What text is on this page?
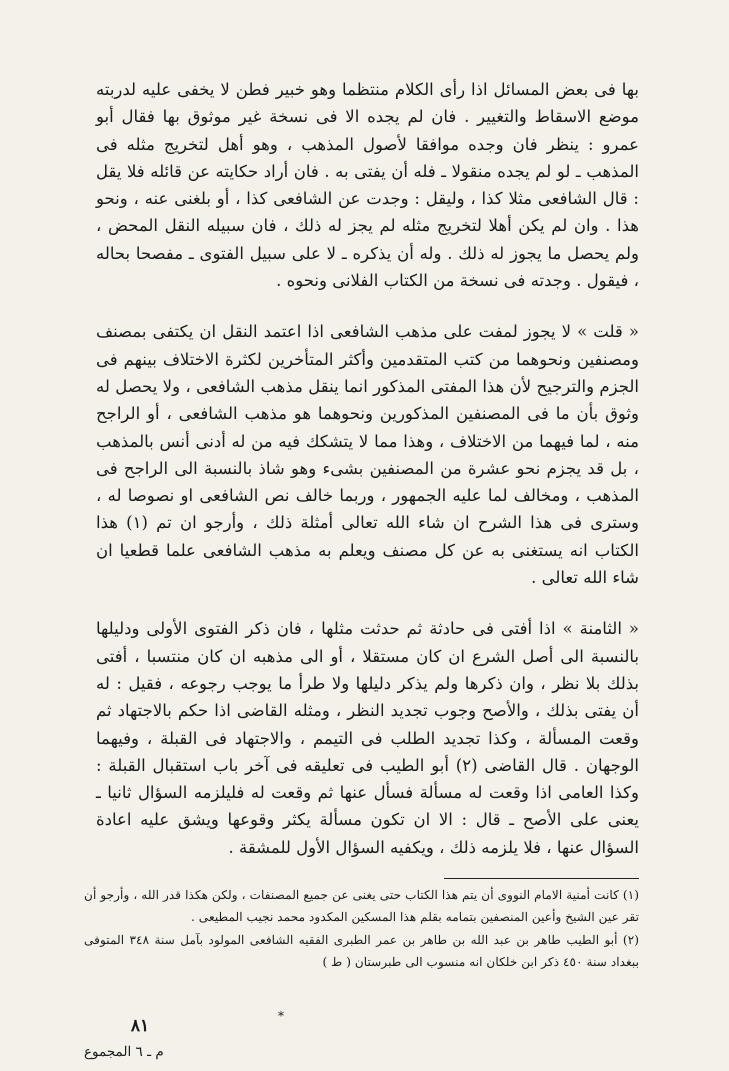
بها فى بعض المسائل اذا رأى الكلام منتظما وهو خبير فطن لا يخفى عليه لدربته موضع الاسقاط والتغيير . فان لم يجده الا فى نسخة غير موثوق بها فقال أبو عمرو : ينظر فان وجده موافقا لأصول المذهب ، وهو أهل لتخريج مثله فى المذهب ـ لو لم يجده منقولا ـ فله أن يفتى به . فان أراد حكايته عن قائله فلا يقل : قال الشافعى مثلا كذا ، وليقل : وجدت عن الشافعى كذا ، أو بلغنى عنه ، ونحو هذا . وان لم يكن أهلا لتخريج مثله لم يجز له ذلك ، فان سبيله النقل المحض ، ولم يحصل ما يجوز له ذلك . وله أن يذكره ـ لا على سبيل الفتوى ـ مفصحا بحاله ، فيقول . وجدته فى نسخة من الكتاب الفلانى ونحوه .

« قلت » لا يجوز لمفت على مذهب الشافعى اذا اعتمد النقل ان يكتفى بمصنف ومصنفين ونحوهما من كتب المتقدمين وأكثر المتأخرين لكثرة الاختلاف بينهم فى الجزم والترجيح لأن هذا المفتى المذكور انما ينقل مذهب الشافعى ، ولا يحصل له وثوق بأن ما فى المصنفين المذكورين ونحوهما هو مذهب الشافعى ، أو الراجح منه ، لما فيهما من الاختلاف ، وهذا مما لا يتشكك فيه من له أدنى أنس بالمذهب ، بل قد يجزم نحو عشرة من المصنفين بشىء وهو شاذ بالنسبة الى الراجح فى المذهب ، ومخالف لما عليه الجمهور ، وربما خالف نص الشافعى او نصوصا له ، وسترى فى هذا الشرح ان شاء الله تعالى أمثلة ذلك ، وأرجو ان تم (١) هذا الكتاب انه يستغنى به عن كل مصنف ويعلم به مذهب الشافعى علما قطعيا ان شاء الله تعالى .

« الثامنة » اذا أفتى فى حادثة ثم حدثت مثلها ، فان ذكر الفتوى الأولى ودليلها بالنسبة الى أصل الشرع ان كان مستقلا ، أو الى مذهبه ان كان منتسبا ، أفتى بذلك بلا نظر ، وان ذكرها ولم يذكر دليلها ولا طرأ ما يوجب رجوعه ، فقيل : له أن يفتى بذلك ، والأصح وجوب تجديد النظر ، ومثله القاضى اذا حكم بالاجتهاد ثم وقعت المسألة ، وكذا تجديد الطلب فى التيمم ، والاجتهاد فى القبلة ، وفيهما الوجهان . قال القاضى (٢) أبو الطيب فى تعليقه فى آخر باب استقبال القبلة : وكذا العامى اذا وقعت له مسألة فسأل عنها ثم وقعت له فليلزمه السؤال ثانيا ـ يعنى على الأصح ـ قال : الا ان تكون مسألة يكثر وقوعها ويشق عليه اعادة السؤال عنها ، فلا يلزمه ذلك ، ويكفيه السؤال الأول للمشقة .

(١) كانت أمنية الامام النووى أن يتم هذا الكتاب حتى يغنى عن جميع المصنفات ، ولكن هكذا قدر الله ، وأرجو أن تقر عين الشيخ وأعين المنصفين بتمامه بقلم هذا المسكين المكدود محمد نجيب المطيعى .

(٢) أبو الطيب طاهر بن عبد الله بن طاهر بن عمر الطبرى الفقيه الشافعى المولود بآمل سنة ٣٤٨ المتوفى ببغداد سنة ٤٥٠ ذكر ابن خلكان انه منسوب الى طبرستان ( ط )

*
٨١
م ـ ٦ المجموع
